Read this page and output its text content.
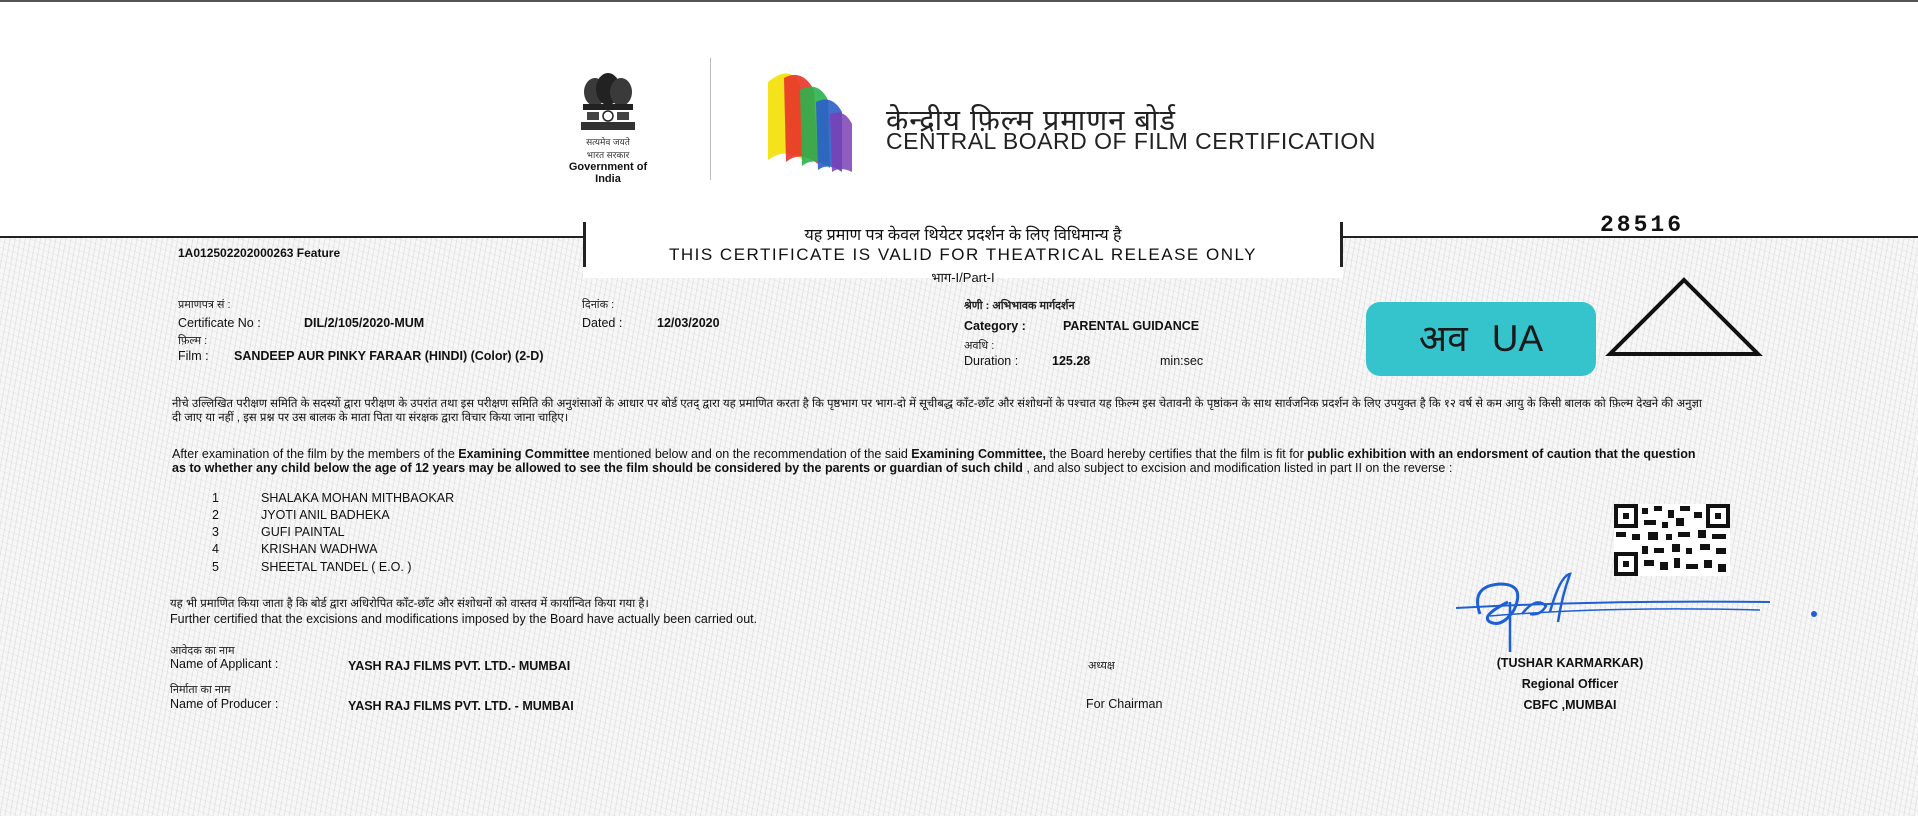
सत्यमेव जयते
भारत सरकार
Government of India
केन्द्रीय फ़िल्म प्रमाणन बोर्ड
CENTRAL BOARD OF FILM CERTIFICATION
28516
1A012502202000263 Feature
यह प्रमाण पत्र केवल थियेटर प्रदर्शन के लिए विधिमान्य है
THIS CERTIFICATE IS VALID FOR THEATRICAL RELEASE ONLY
भाग-I/Part-I
प्रमाणपत्र सं :
Certificate No :	DIL/2/105/2020-MUM
दिनांक :
Dated :	12/03/2020
फ़िल्म :
Film : SANDEEP AUR PINKY FARAAR (HINDI) (Color) (2-D)
श्रेणी : अभिभावक मार्गदर्शन
Category :	PARENTAL GUIDANCE
अवधि :
Duration :	125.28	min:sec
अव UA
नीचे उल्लिखित परीक्षण समिति के सदस्यों द्वारा परीक्षण के उपरांत तथा इस परीक्षण समिति की अनुशंसाओं के आधार पर बोर्ड एतद् द्वारा यह प्रमाणित करता है कि पृष्ठभाग पर भाग-दो में सूचीबद्ध काँट-छाँट और संशोधनों के पश्चात यह फ़िल्म इस चेतावनी के पृष्ठांकन के साथ सार्वजनिक प्रदर्शन के लिए उपयुक्त है कि १२ वर्ष से कम आयु के किसी बालक को फ़िल्म देखने की अनुज्ञा दी जाए या नहीं , इस प्रश्न पर उस बालक के माता पिता या संरक्षक द्वारा विचार किया जाना चाहिए।
After examination of the film by the members of the Examining Committee mentioned below and on the recommendation of the said Examining Committee, the Board hereby certifies that the film is fit for public exhibition with an endorsment of caution that the question as to whether any child below the age of 12 years may be allowed to see the film should be considered by the parents or guardian of such child , and also subject to excision and modification listed in part II on the reverse :
1	SHALAKA MOHAN MITHBAOKAR
2	JYOTI ANIL BADHEKA
3	GUFI PAINTAL
4	KRISHAN WADHWA
5	SHEETAL TANDEL ( E.O. )
यह भी प्रमाणित किया जाता है कि बोर्ड द्वारा अधिरोपित काँट-छाँट और संशोधनों को वास्तव में कार्यान्वित किया गया है।
Further certified that the excisions and modifications imposed by the Board have actually been carried out.
आवेदक का नाम
Name of Applicant :	YASH RAJ FILMS PVT. LTD.- MUMBAI
निर्माता का नाम
Name of Producer :	YASH RAJ FILMS PVT. LTD. - MUMBAI
अध्यक्ष
For Chairman
(TUSHAR KARMARKAR)
Regional Officer
CBFC ,MUMBAI
